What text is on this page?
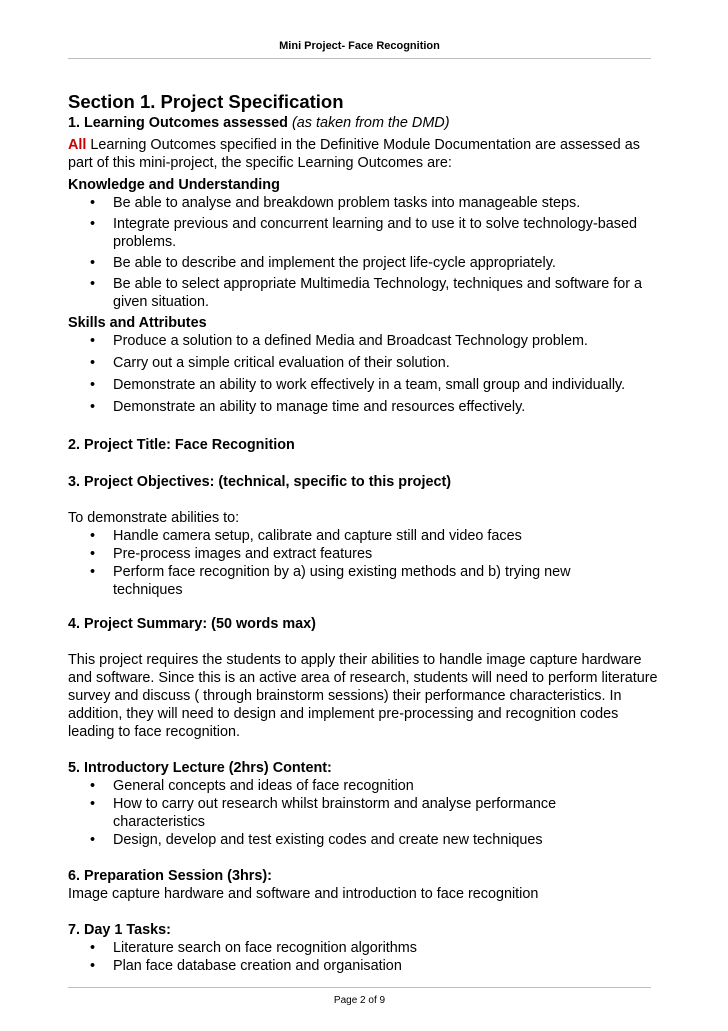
Mini Project- Face Recognition
Section 1. Project Specification

1. Learning Outcomes assessed (as taken from the DMD)

All Learning Outcomes specified in the Definitive Module Documentation are assessed as part of this mini-project, the specific Learning Outcomes are:

Knowledge and Understanding

• Be able to analyse and breakdown problem tasks into manageable steps.
• Integrate previous and concurrent learning and to use it to solve technology-based problems.
• Be able to describe and implement the project life-cycle appropriately.
• Be able to select appropriate Multimedia Technology, techniques and software for a given situation.

Skills and Attributes

• Produce a solution to a defined Media and Broadcast Technology problem.
• Carry out a simple critical evaluation of their solution.
• Demonstrate an ability to work effectively in a team, small group and individually.
• Demonstrate an ability to manage time and resources effectively.

2. Project Title: Face Recognition

3. Project Objectives: (technical, specific to this project)

To demonstrate abilities to:

• Handle camera setup, calibrate and capture still and video faces
• Pre-process images and extract features
• Perform face recognition by a) using existing methods and b) trying new techniques

4. Project Summary: (50 words max)

This project requires the students to apply their abilities to handle image capture hardware and software. Since this is an active area of research, students will need to perform literature survey and discuss ( through brainstorm sessions) their performance characteristics. In addition, they will need to design and implement pre-processing and recognition codes leading to face recognition.

5. Introductory Lecture (2hrs) Content:

• General concepts and ideas of face recognition
• How to carry out research whilst brainstorm and analyse performance characteristics
• Design, develop and test existing codes and create new techniques

6. Preparation Session (3hrs):

Image capture hardware and software and introduction to face recognition

7. Day 1 Tasks:

• Literature search on face recognition algorithms
• Plan face database creation and organisation
Page 2 of 9
